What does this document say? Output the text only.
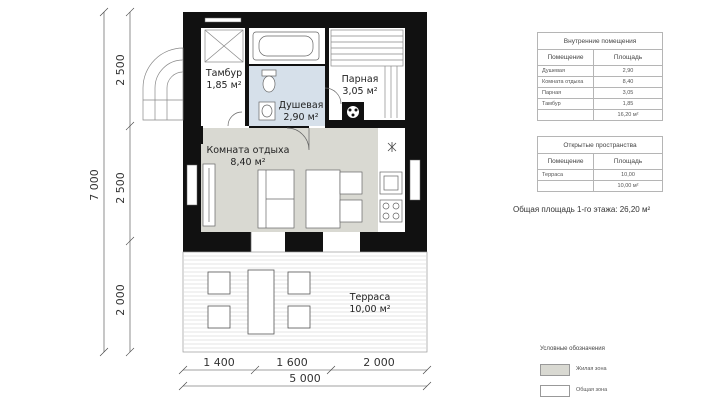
Тамбур
1,85 м²
Душевая
2,90 м²
Парная
3,05 м²
Комната отдыха
8,40 м²
Терраса
10,00 м²
7 000
2 500
2 500
2 000
1 400	1 600	2 000
5 000
Внутренние помещения	
Помещение	Площадь
Душевая	2,90
Комната отдыха	8,40
Парная	3,05
Тамбур	1,85
	16,20 м²
Открытые пространства	
Помещение	Площадь
Терраса	10,00
	10,00 м²
Общая площадь 1-го этажа: 26,20 м²
Условные обозначения
Жилая зона
Общая зона
